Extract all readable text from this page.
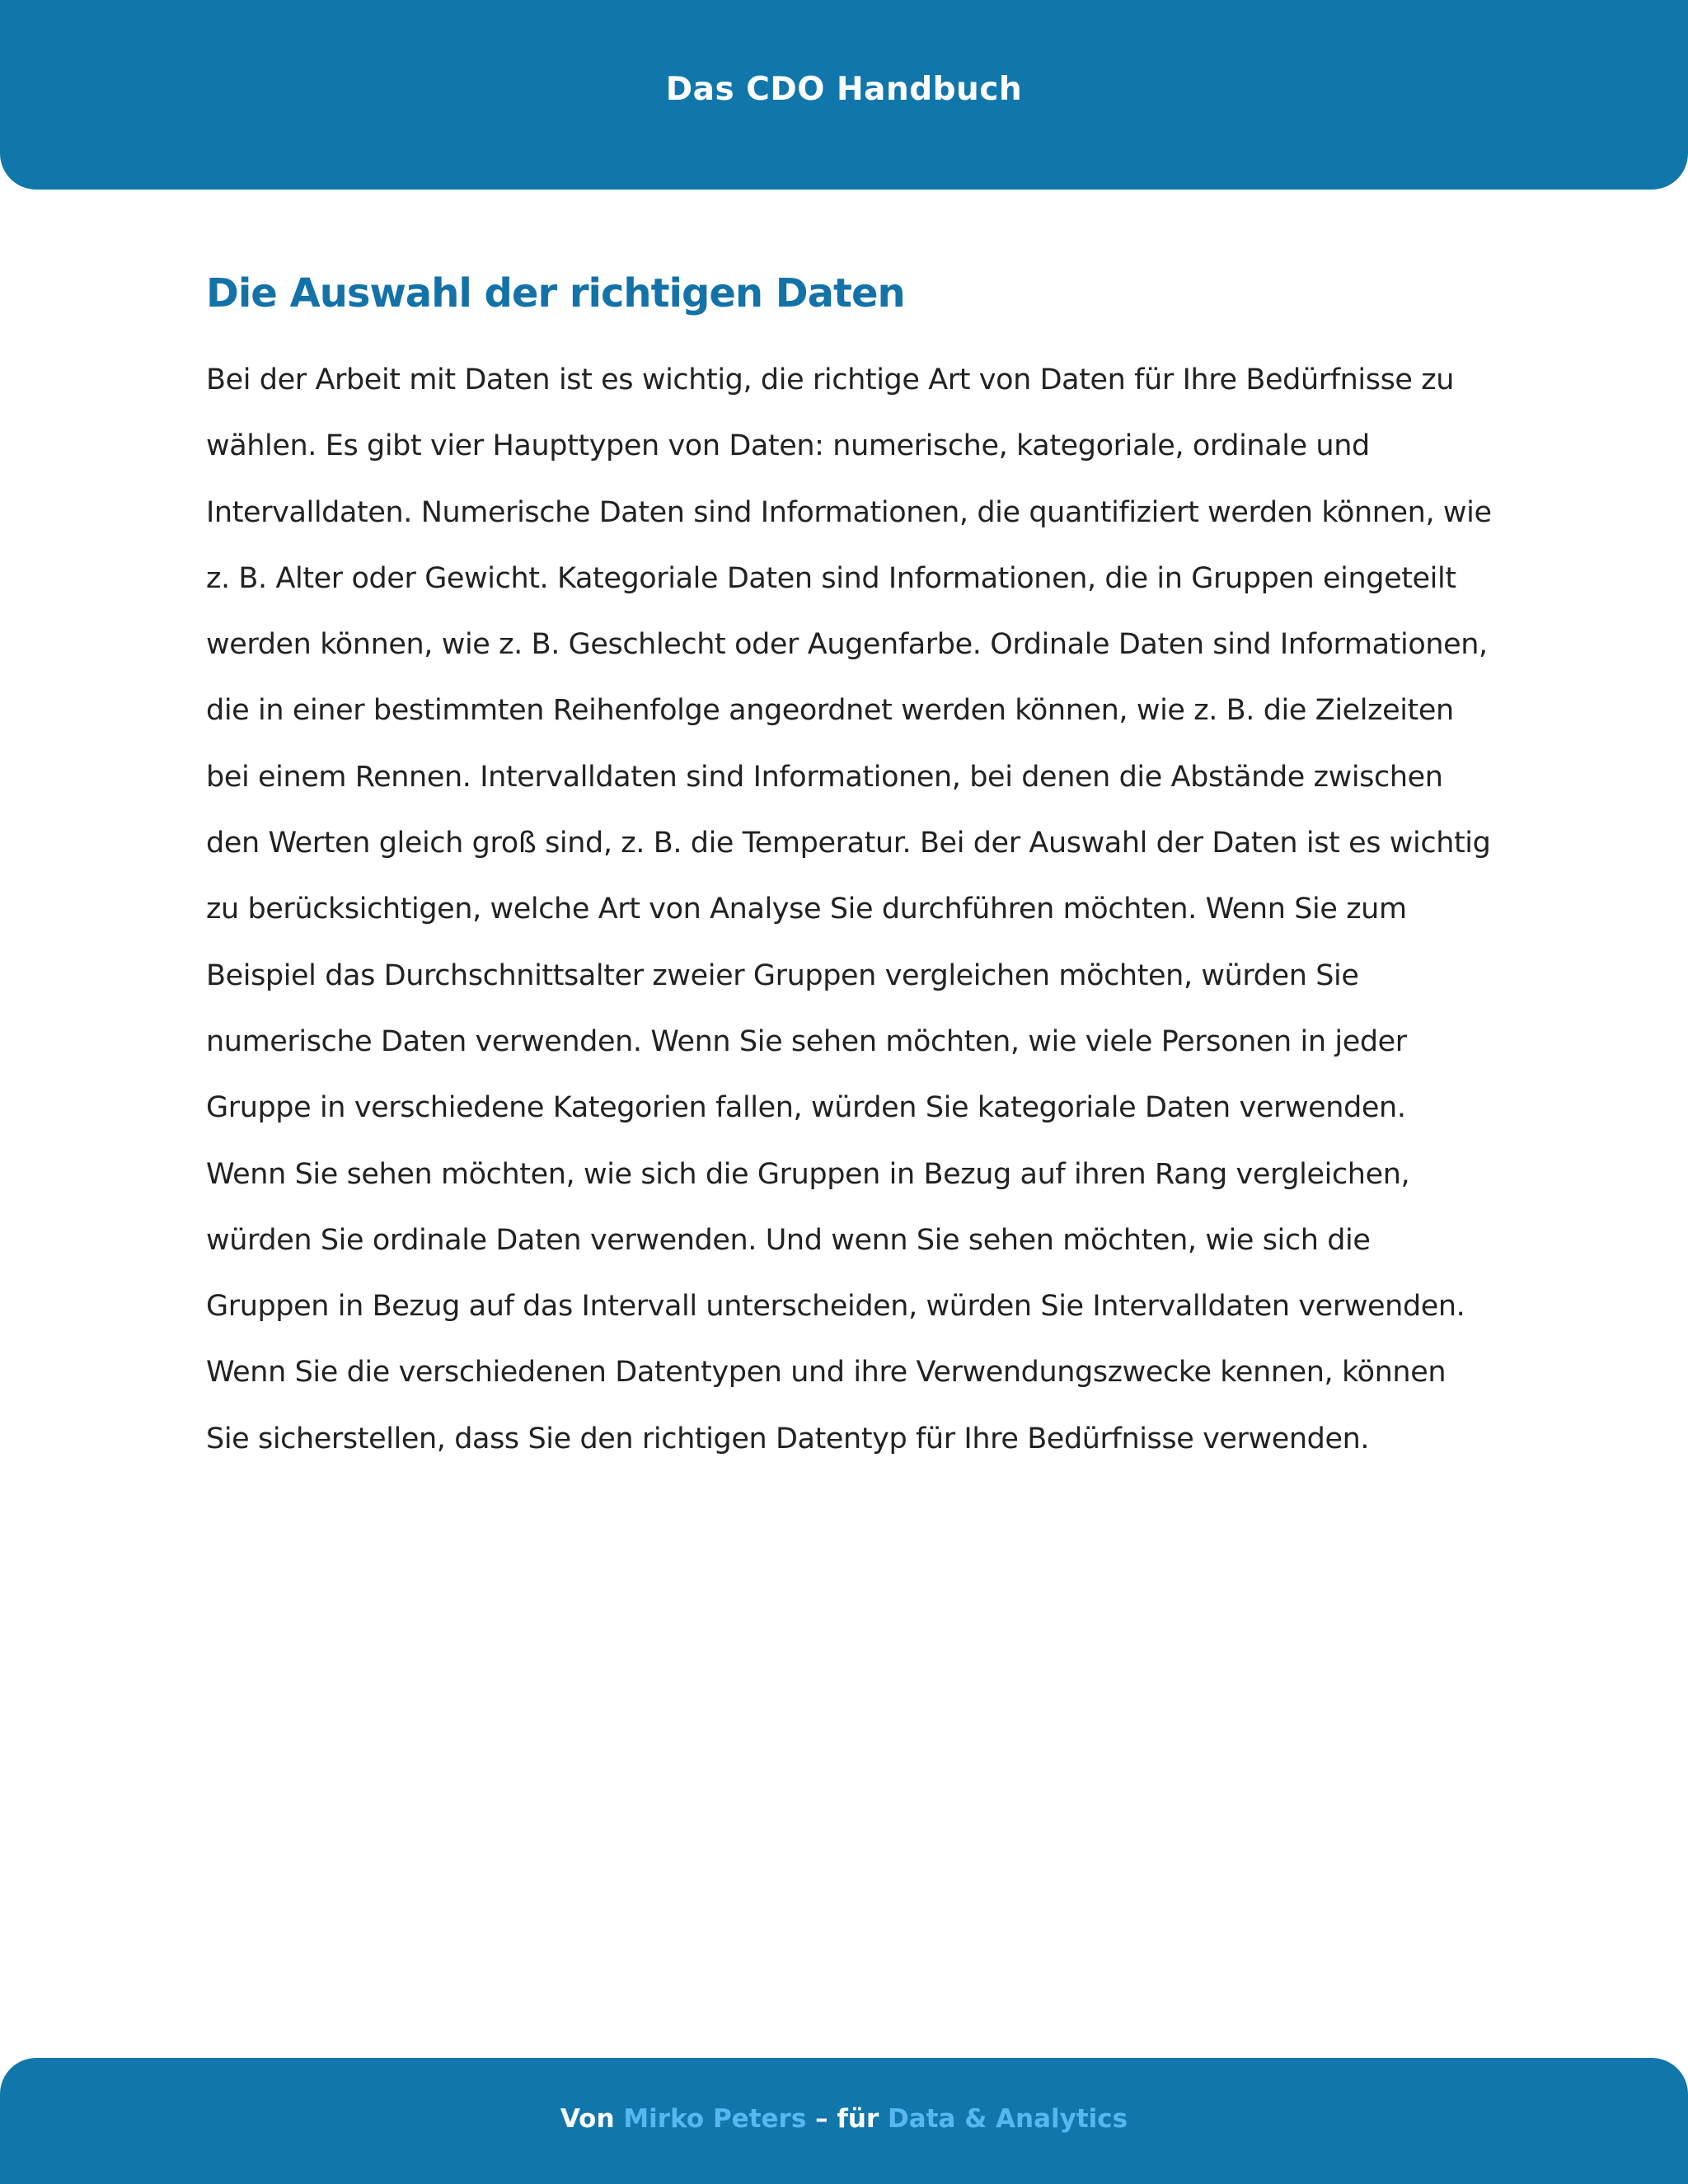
Das CDO Handbuch
Die Auswahl der richtigen Daten

Bei der Arbeit mit Daten ist es wichtig, die richtige Art von Daten für Ihre Bedürfnisse zu wählen. Es gibt vier Haupttypen von Daten: numerische, kategoriale, ordinale und Intervalldaten. Numerische Daten sind Informationen, die quantifiziert werden können, wie z. B. Alter oder Gewicht. Kategoriale Daten sind Informationen, die in Gruppen eingeteilt werden können, wie z. B. Geschlecht oder Augenfarbe. Ordinale Daten sind Informationen, die in einer bestimmten Reihenfolge angeordnet werden können, wie z. B. die Zielzeiten bei einem Rennen. Intervalldaten sind Informationen, bei denen die Abstände zwischen den Werten gleich groß sind, z. B. die Temperatur. Bei der Auswahl der Daten ist es wichtig zu berücksichtigen, welche Art von Analyse Sie durchführen möchten. Wenn Sie zum Beispiel das Durchschnittsalter zweier Gruppen vergleichen möchten, würden Sie numerische Daten verwenden. Wenn Sie sehen möchten, wie viele Personen in jeder Gruppe in verschiedene Kategorien fallen, würden Sie kategoriale Daten verwenden. Wenn Sie sehen möchten, wie sich die Gruppen in Bezug auf ihren Rang vergleichen, würden Sie ordinale Daten verwenden. Und wenn Sie sehen möchten, wie sich die Gruppen in Bezug auf das Intervall unterscheiden, würden Sie Intervalldaten verwenden. Wenn Sie die verschiedenen Datentypen und ihre Verwendungszwecke kennen, können Sie sicherstellen, dass Sie den richtigen Datentyp für Ihre Bedürfnisse verwenden.

Von Mirko Peters – für Data & Analytics
